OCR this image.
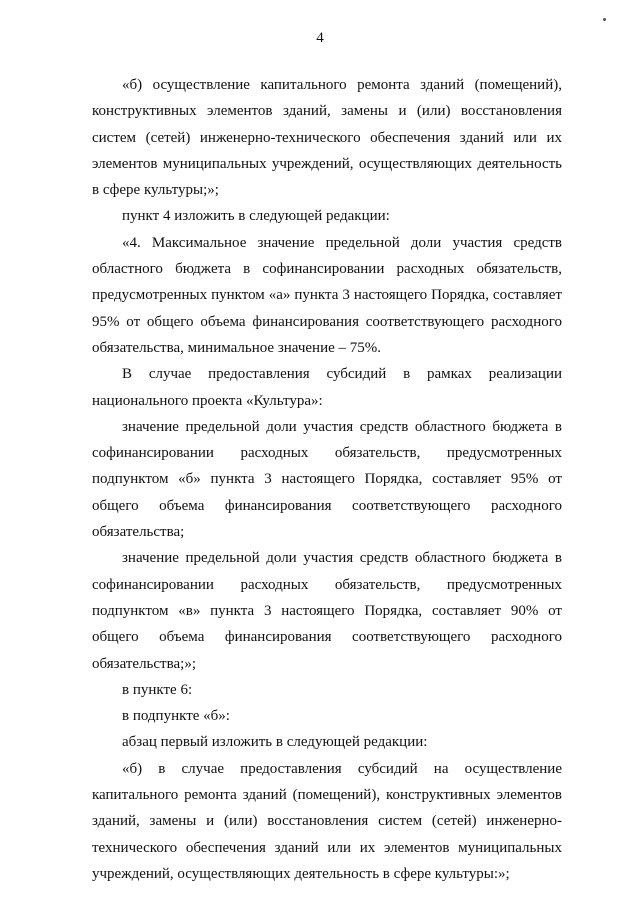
4

«б) осуществление капитального ремонта зданий (помещений), конструктивных элементов зданий, замены и (или) восстановления систем (сетей) инженерно-технического обеспечения зданий или их элементов муниципальных учреждений, осуществляющих деятельность в сфере культуры;»;

пункт 4 изложить в следующей редакции:

«4. Максимальное значение предельной доли участия средств областного бюджета в софинансировании расходных обязательств, предусмотренных пунктом «а» пункта 3 настоящего Порядка, составляет 95% от общего объема финансирования соответствующего расходного обязательства, минимальное значение – 75%.

В случае предоставления субсидий в рамках реализации национального проекта «Культура»:

значение предельной доли участия средств областного бюджета в софинансировании расходных обязательств, предусмотренных подпунктом «б» пункта 3 настоящего Порядка, составляет 95% от общего объема финансирования соответствующего расходного обязательства;

значение предельной доли участия средств областного бюджета в софинансировании расходных обязательств, предусмотренных подпунктом «в» пункта 3 настоящего Порядка, составляет 90% от общего объема финансирования соответствующего расходного обязательства;»;

в пункте 6:

в подпункте «б»:

абзац первый изложить в следующей редакции:

«б) в случае предоставления субсидий на осуществление капитального ремонта зданий (помещений), конструктивных элементов зданий, замены и (или) восстановления систем (сетей) инженерно-технического обеспечения зданий или их элементов муниципальных учреждений, осуществляющих деятельность в сфере культуры:»;
